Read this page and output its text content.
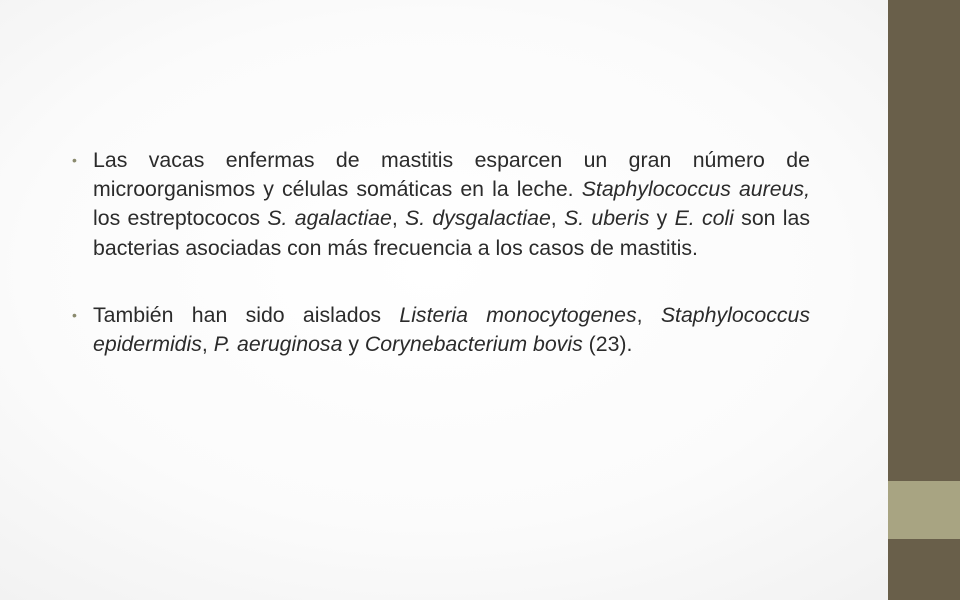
• Las vacas enfermas de mastitis esparcen un gran número de microorganismos y células somáticas en la leche. Staphylococcus aureus, los estreptococos S. agalactiae, S. dysgalactiae, S. uberis y E. coli son las bacterias asociadas con más frecuencia a los casos de mastitis.
• También han sido aislados Listeria monocytogenes, Staphylococcus epidermidis, P. aeruginosa y Corynebacterium bovis (23).
